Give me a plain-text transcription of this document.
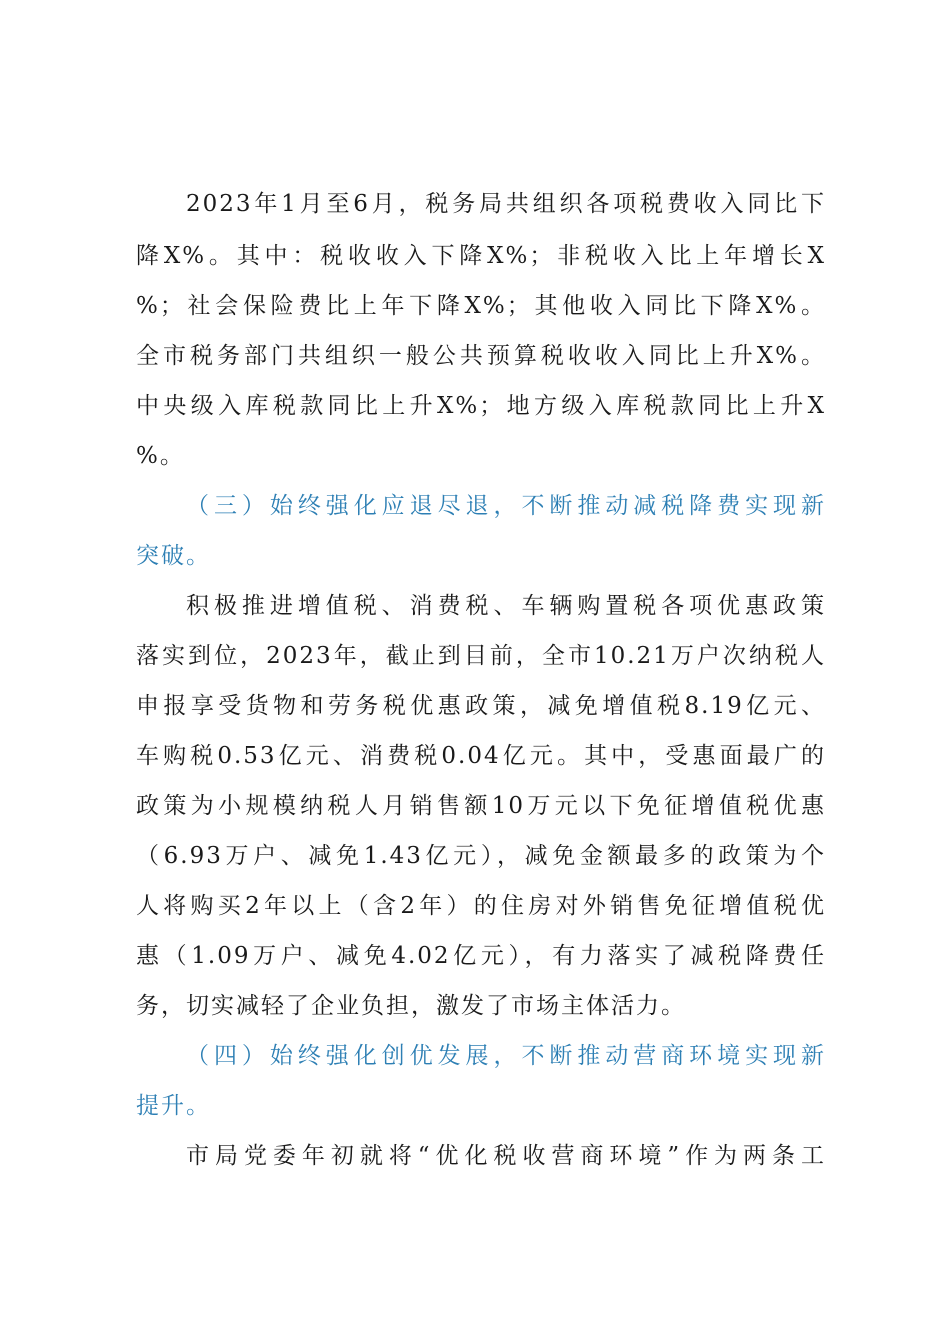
2023年1月至6月，税务局共组织各项税费收入同比下
降X%。其中：税收收入下降X%；非税收入比上年增长X
%；社会保险费比上年下降X%；其他收入同比下降X%。
全市税务部门共组织一般公共预算税收收入同比上升X%。
中央级入库税款同比上升X%；地方级入库税款同比上升X
%。
（三）始终强化应退尽退，不断推动减税降费实现新
突破。
积极推进增值税、消费税、车辆购置税各项优惠政策
落实到位，2023年，截止到目前，全市10.21万户次纳税人
申报享受货物和劳务税优惠政策，减免增值税8.19亿元、
车购税0.53亿元、消费税0.04亿元。其中，受惠面最广的
政策为小规模纳税人月销售额10万元以下免征增值税优惠
（6.93万户、减免1.43亿元），减免金额最多的政策为个
人将购买2年以上（含2年）的住房对外销售免征增值税优
惠（1.09万户、减免4.02亿元），有力落实了减税降费任
务，切实减轻了企业负担，激发了市场主体活力。
（四）始终强化创优发展，不断推动营商环境实现新
提升。
市局党委年初就将“优化税收营商环境”作为两条工
